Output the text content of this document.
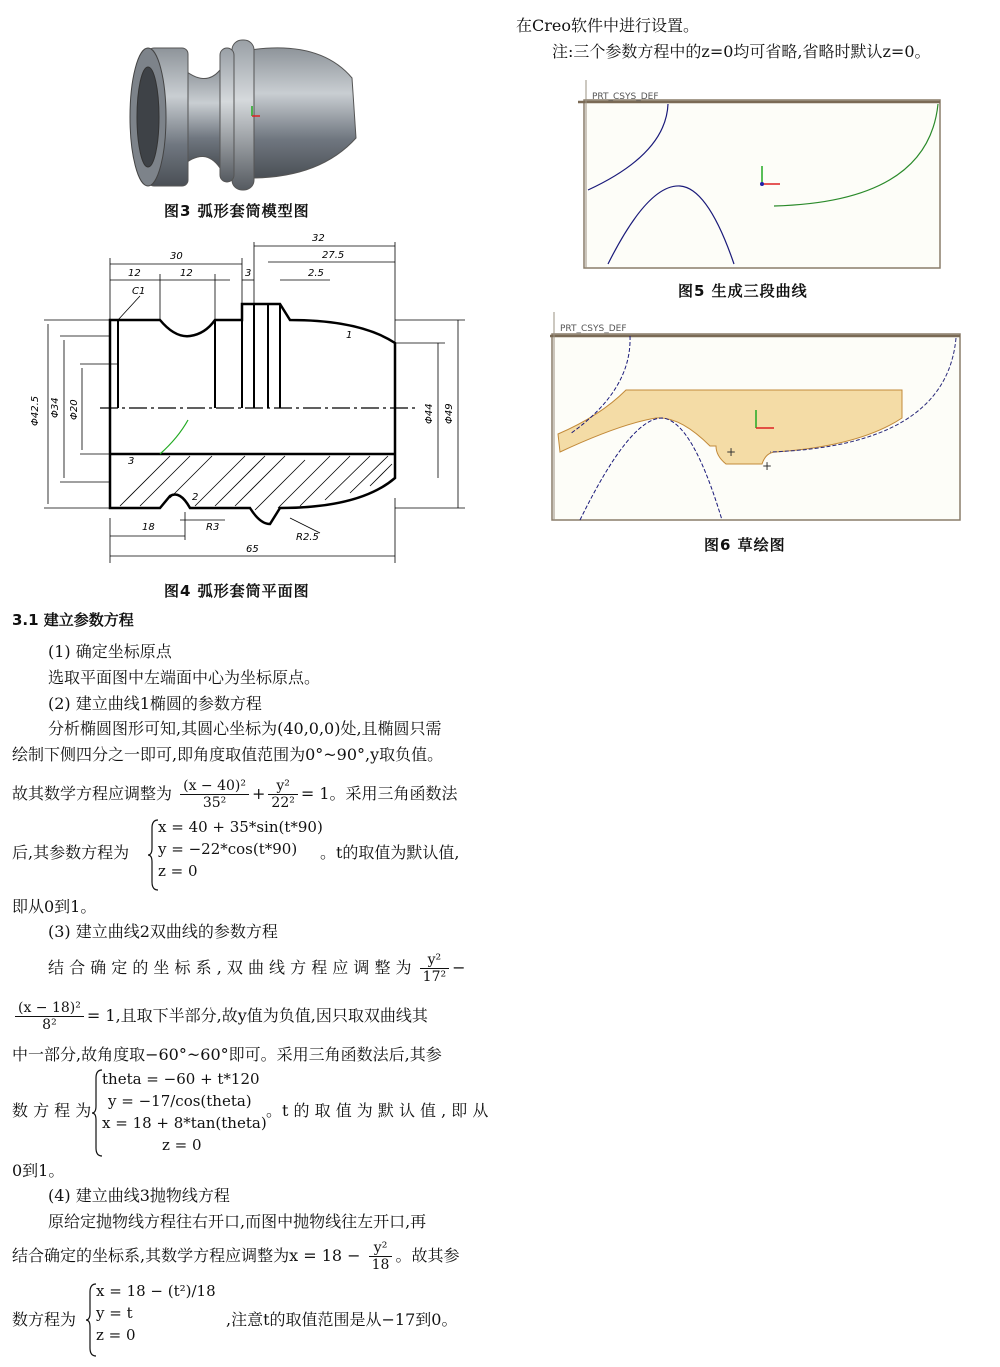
在Creo软件中进行设置。
注:三个参数方程中的z=0均可省略,省略时默认z=0。
图3 弧形套筒模型图
30
32
27.5
12	12	3	2.5
C1
1
3
2
18	R3
R2.5
65
Φ42.5 Φ34 Φ20	Φ44 Φ49
图4 弧形套筒平面图
PRT_CSYS_DEF
图5 生成三段曲线
PRT_CSYS_DEF
+
+
图6 草绘图
3.1 建立参数方程
(1) 确定坐标原点
选取平面图中左端面中心为坐标原点。
(2) 建立曲线1椭圆的参数方程
分析椭圆图形可知,其圆心坐标为(40,0,0)处,且椭圆只需
绘制下侧四分之一即可,即角度取值范围为0°~90°,y取负值。
故其数学方程应调整为 $\frac{\text{(x − 40)²}}{\text{35²}} + \frac{\text{y²}}{\text{22²}} = 1$。采用三角函数法
后,其参数方程为
x = 40 + 35*sin(t*90)
y = −22*cos(t*90)
z = 0
。t的取值为默认值,
即从0到1。
(3) 建立曲线2双曲线的参数方程
结 合 确 定 的 坐 标 系 , 双 曲 线 方 程 应 调 整 为 $\frac{\text{y²}}{\text{17²}}$ −
$\frac{\text{(x − 18)²}}{\text{8²}} = 1$,且取下半部分,故y值为负值,因只取双曲线其
中一部分,故角度取−60°~60°即可。采用三角函数法后,其参
数 方 程 为
theta = −60 + t*120
y = −17/cos(theta)
x = 18 + 8*tan(theta)
z = 0
。t 的 取 值 为 默 认 值 , 即 从
0到1。
(4) 建立曲线3抛物线方程
原给定抛物线方程往右开口,而图中抛物线往左开口,再
结合确定的坐标系,其数学方程应调整为$x = 18 - \frac{\text{y²}}{18}$ 。故其参
数方程为
x = 18 − (t²)/18
y = t
z = 0
,注意t的取值范围是从−17到0。
